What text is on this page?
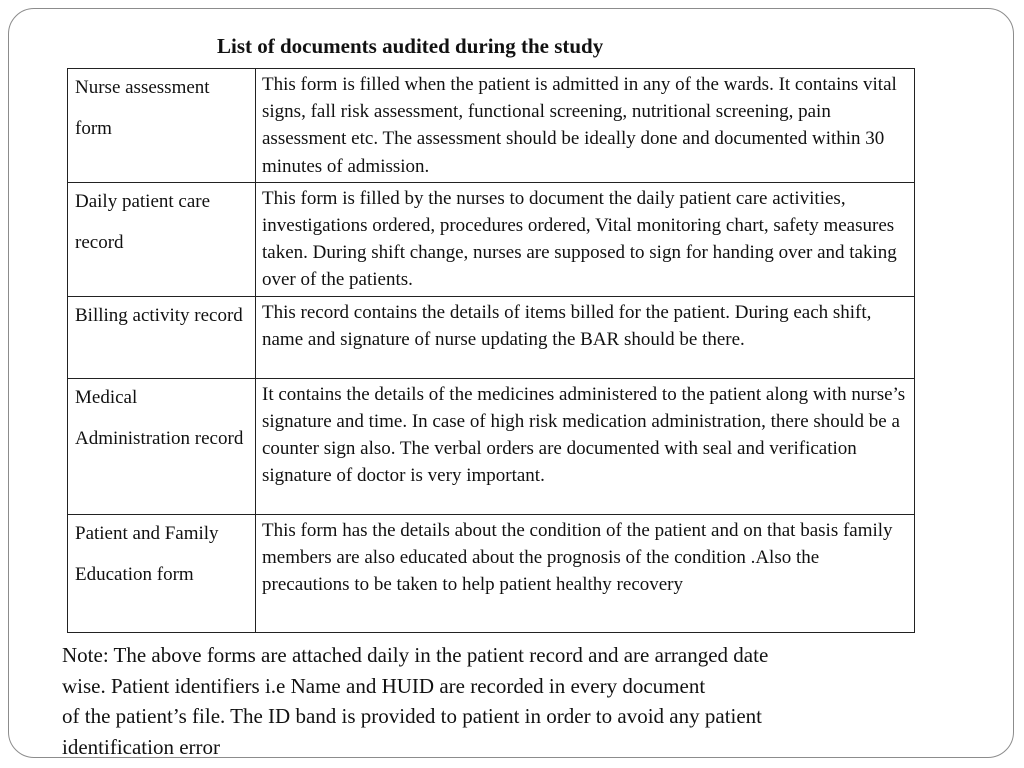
List of documents audited during the study
Nurse assessment form	This form is filled when the patient is admitted in any of the wards. It contains vital signs, fall risk assessment, functional screening, nutritional screening, pain assessment etc. The assessment should be ideally done and documented within 30 minutes of admission.

Daily patient care record	This form is filled by the nurses to document the daily patient care activities, investigations ordered, procedures ordered, Vital monitoring chart, safety measures taken. During shift change, nurses are supposed to sign for handing over and taking over of the patients.

Billing activity record	This record contains the details of items billed for the patient. During each shift, name and signature of nurse updating the BAR should be there.

Medical Administration record	It contains the details of the medicines administered to the patient along with nurse’s signature and time. In case of high risk medication administration, there should be a counter sign also. The verbal orders are documented with seal and verification signature of doctor is very important.

Patient and Family Education form	This form has the details about the condition of the patient and on that basis family members are also educated about the prognosis of the condition .Also the precautions to be taken to help patient healthy recovery

Note: The above forms are attached daily in the patient record and are arranged date
wise. Patient identifiers i.e Name and HUID are recorded in every document
of the patient’s file. The ID band is provided to patient in order to avoid any patient
identification error
